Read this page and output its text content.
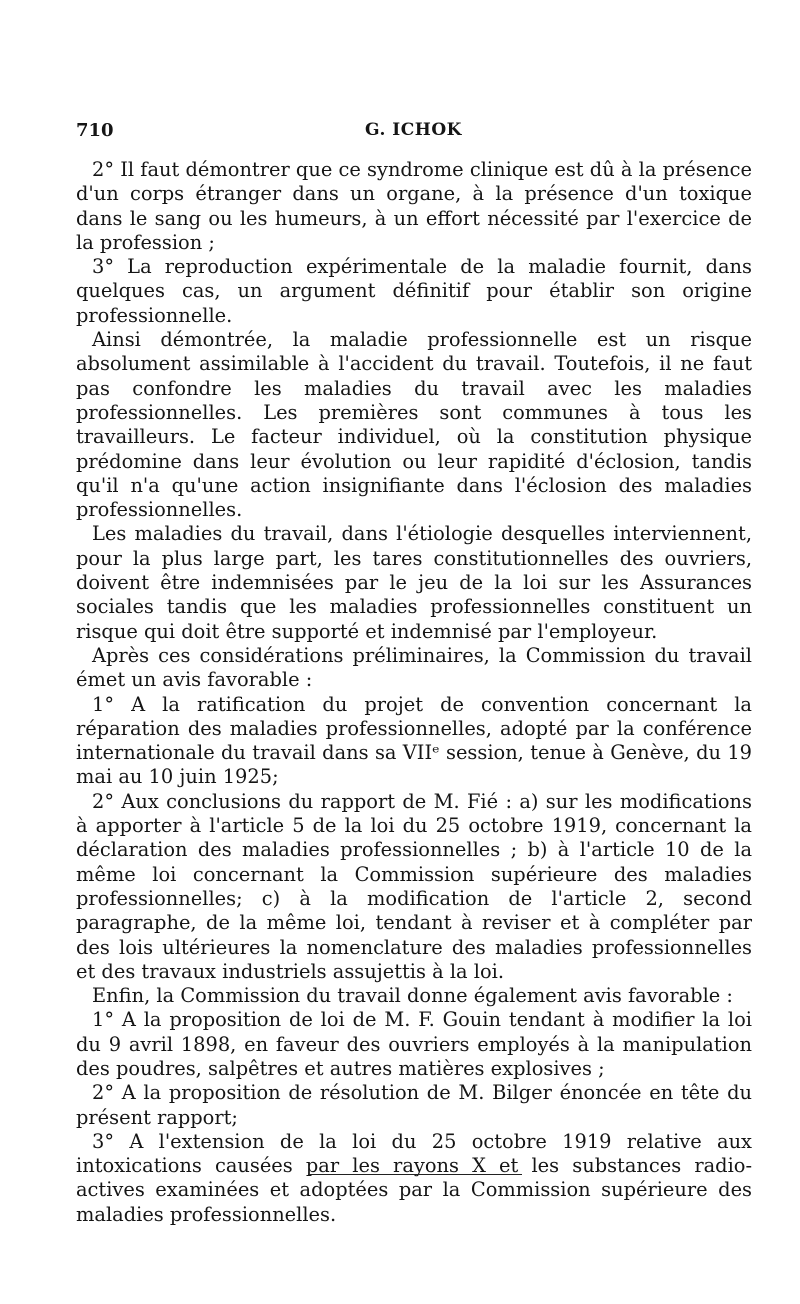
710	G. ICHOK

2° Il faut démontrer que ce syndrome clinique est dû à la présence d'un corps étranger dans un organe, à la présence d'un toxique dans le sang ou les humeurs, à un effort nécessité par l'exercice de la profession ;

3° La reproduction expérimentale de la maladie fournit, dans quelques cas, un argument définitif pour établir son origine professionnelle.

Ainsi démontrée, la maladie professionnelle est un risque absolument assimilable à l'accident du travail. Toutefois, il ne faut pas confondre les maladies du travail avec les maladies professionnelles. Les premières sont communes à tous les travailleurs. Le facteur individuel, où la constitution physique prédomine dans leur évolution ou leur rapidité d'éclosion, tandis qu'il n'a qu'une action insignifiante dans l'éclosion des maladies professionnelles.

Les maladies du travail, dans l'étiologie desquelles interviennent, pour la plus large part, les tares constitutionnelles des ouvriers, doivent être indemnisées par le jeu de la loi sur les Assurances sociales tandis que les maladies professionnelles constituent un risque qui doit être supporté et indemnisé par l'employeur.

Après ces considérations préliminaires, la Commission du travail émet un avis favorable :

1° A la ratification du projet de convention concernant la réparation des maladies professionnelles, adopté par la conférence internationale du travail dans sa VIIᵉ session, tenue à Genève, du 19 mai au 10 juin 1925;

2° Aux conclusions du rapport de M. Fié : a) sur les modifications à apporter à l'article 5 de la loi du 25 octobre 1919, concernant la déclaration des maladies professionnelles ; b) à l'article 10 de la même loi concernant la Commission supérieure des maladies professionnelles; c) à la modification de l'article 2, second paragraphe, de la même loi, tendant à reviser et à compléter par des lois ultérieures la nomenclature des maladies professionnelles et des travaux industriels assujettis à la loi.

Enfin, la Commission du travail donne également avis favorable :

1° A la proposition de loi de M. F. Gouin tendant à modifier la loi du 9 avril 1898, en faveur des ouvriers employés à la manipulation des poudres, salpêtres et autres matières explosives ;

2° A la proposition de résolution de M. Bilger énoncée en tête du présent rapport;

3° A l'extension de la loi du 25 octobre 1919 relative aux intoxications causées par les rayons X et les substances radio-actives examinées et adoptées par la Commission supérieure des maladies professionnelles.
